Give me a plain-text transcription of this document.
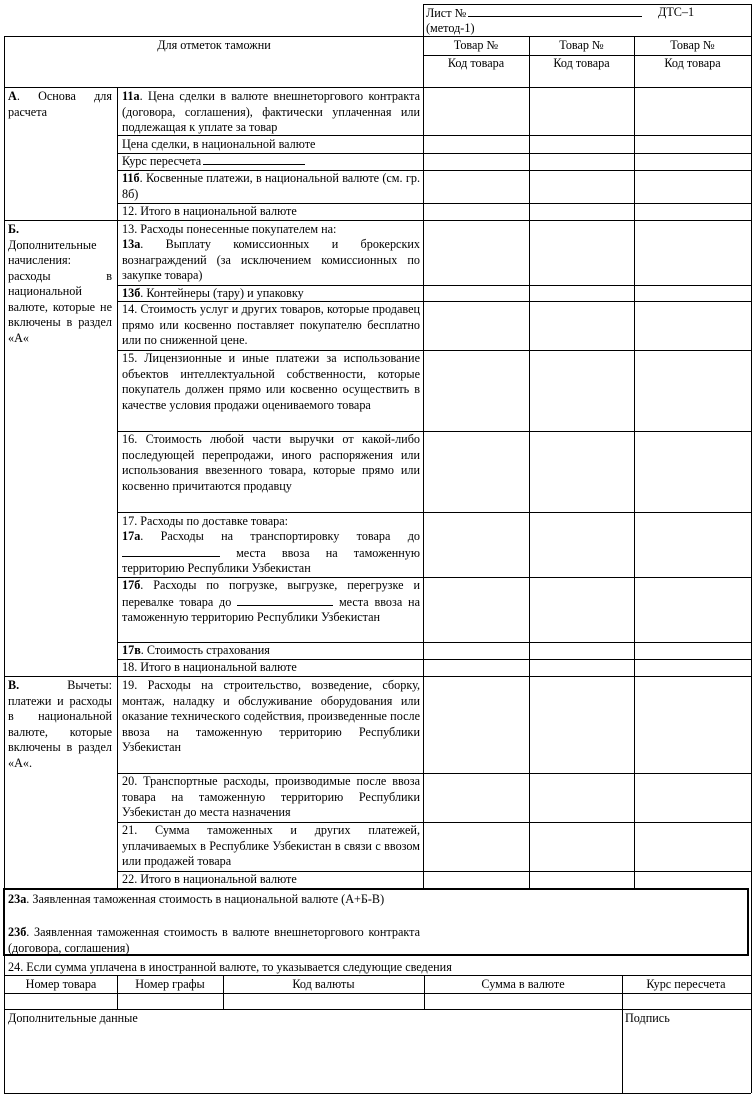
Лист №	ДТС–1
(метод-1)
Для отметок таможни	Товар №	Товар №	Товар №
Код товара	Код товара	Код товара
А. Основа для расчета
11а. Цена сделки в валюте внешнеторгового контракта (договора, соглашения), фактически уплаченная или подлежащая к уплате за товар
Цена сделки, в национальной валюте
Курс пересчета
11б. Косвенные платежи, в национальной валюте (см. гр. 8б)
12. Итого в национальной валюте
Б.
Дополнительные начисления: расходы в национальной валюте, которые не включены в раздел «А«
13. Расходы понесенные покупателем на:
13а. Выплату комиссионных и брокерских вознаграждений (за исключением комиссионных по закупке товара)
13б. Контейнеры (тару) и упаковку
14. Стоимость услуг и других товаров, которые продавец прямо или косвенно поставляет покупателю бесплатно или по сниженной цене.
15. Лицензионные и иные платежи за использование объектов интеллектуальной собственности, которые покупатель должен прямо или косвенно осуществить в качестве условия продажи оцениваемого товара
16. Стоимость любой части выручки от какой-либо последующей перепродажи, иного распоряжения или использования ввезенного товара, которые прямо или косвенно причитаются продавцу
17. Расходы по доставке товара:
17а. Расходы на транспортировку товара до  места ввоза на таможенную территорию Республики Узбекистан
17б. Расходы по погрузке, выгрузке, перегрузке и перевалке товара до	места ввоза на таможенную территорию Республики Узбекистан
17в. Стоимость страхования
18. Итого в национальной валюте
В.	Вычеты: платежи и расходы в национальной валюте, которые включены в раздел «А«.
19. Расходы на строительство, возведение, сборку, монтаж, наладку и обслуживание оборудования или оказание технического содействия, произведенные после ввоза на таможенную территорию Республики Узбекистан
20. Транспортные расходы, производимые после ввоза товара на таможенную территорию Республики Узбекистан до места назначения
21. Сумма таможенных и других платежей, уплачиваемых в Республике Узбекистан в связи с ввозом или продажей товара
22. Итого в национальной валюте
23а. Заявленная таможенная стоимость в национальной валюте (А+Б-В)
23б. Заявленная таможенная стоимость в валюте внешнеторгового контракта (договора, соглашения)
24. Если сумма уплачена в иностранной валюте, то указывается следующие сведения
Номер товара	Номер графы	Код валюты	Сумма в валюте	Курс пересчета
Дополнительные данные	Подпись
